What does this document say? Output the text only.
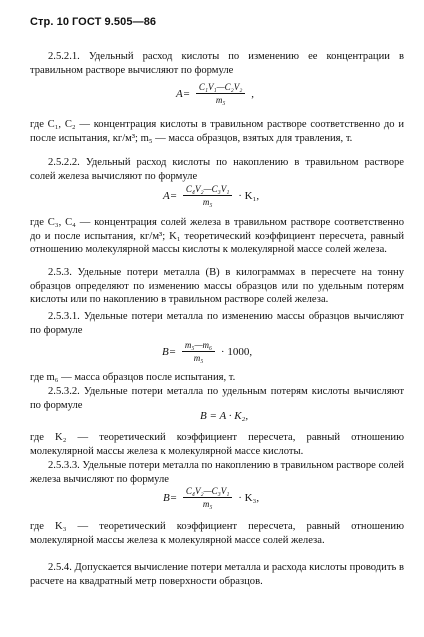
Стр. 10 ГОСТ 9.505—86
2.5.2.1. Удельный расход кислоты по изменению ее концентрации в травильном растворе вычисляют по формуле
$A= \frac{\text{C₁V₁—C₂V₂}}{\text{m₅}}$ ,
где C₁, C₂ — концентрация кислоты в травильном растворе соответственно до и после испытания, кг/м³; m₅ — масса образцов, взятых для травления, т.
2.5.2.2. Удельный расход кислоты по накоплению в травильном растворе солей железа вычисляют по формуле
$A= \frac{\text{C₄V₂—C₃V₁}}{\text{m₅}} \cdot K_1$,
где C₃, C₄ — концентрация солей железа в травильном растворе соответственно до и после испытания, кг/м³; K₁ теоретический коэффициент пересчета, равный отношению молекулярной массы кислоты к молекулярной массе солей железа.
2.5.3. Удельные потери металла (B) в килограммах в пересчете на тонну образцов определяют по изменению массы образцов или по удельным потерям кислоты или по накоплению в травильном растворе солей железа.
2.5.3.1. Удельные потери металла по изменению массы образцов вычисляют по формуле
$B= \frac{\text{m₅—m₆}}{\text{m₅}} \cdot 1000$,
где m₆ — масса образцов после испытания, т.
2.5.3.2. Удельные потери металла по удельным потерям кислоты вычисляют по формуле
B = A · K₂,
где K₂ — теоретический коэффициент пересчета, равный отношению молекулярной массы железа к молекулярной массе кислоты.
2.5.3.3. Удельные потери металла по накоплению в травильном растворе солей железа вычисляют по формуле
$B= \frac{\text{C₄V₂—C₃V₁}}{\text{m₅}} \cdot K_3$,
где K₃ — теоретический коэффициент пересчета, равный отношению молекулярной массы железа к молекулярной массе солей железа.
2.5.4. Допускается вычисление потери металла и расхода кислоты проводить в расчете на квадратный метр поверхности образцов.
